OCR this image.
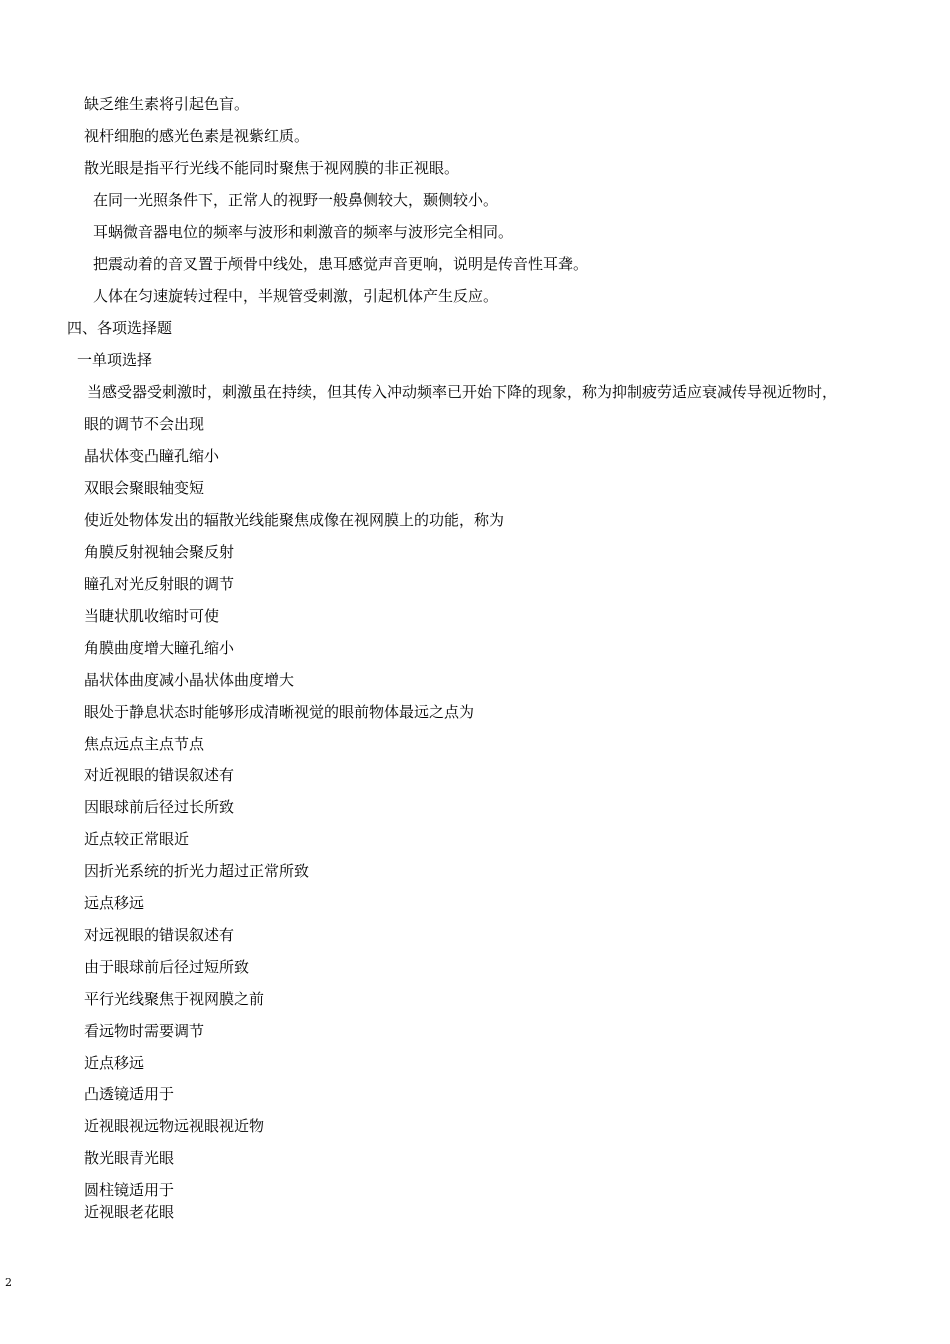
缺乏维生素将引起色盲。
视杆细胞的感光色素是视紫红质。
散光眼是指平行光线不能同时聚焦于视网膜的非正视眼。
在同一光照条件下，正常人的视野一般鼻侧较大，颞侧较小。
耳蜗微音器电位的频率与波形和刺激音的频率与波形完全相同。
把震动着的音叉置于颅骨中线处，患耳感觉声音更响，说明是传音性耳聋。
人体在匀速旋转过程中，半规管受刺激，引起机体产生反应。
四、各项选择题
一单项选择
当感受器受刺激时，刺激虽在持续，但其传入冲动频率已开始下降的现象，称为抑制疲劳适应衰减传导视近物时，
眼的调节不会出现
晶状体变凸瞳孔缩小
双眼会聚眼轴变短
使近处物体发出的辐散光线能聚焦成像在视网膜上的功能，称为
角膜反射视轴会聚反射
瞳孔对光反射眼的调节
当睫状肌收缩时可使
角膜曲度增大瞳孔缩小
晶状体曲度减小晶状体曲度增大
眼处于静息状态时能够形成清晰视觉的眼前物体最远之点为
焦点远点主点节点
对近视眼的错误叙述有
因眼球前后径过长所致
近点较正常眼近
因折光系统的折光力超过正常所致
远点移远
对远视眼的错误叙述有
由于眼球前后径过短所致
平行光线聚焦于视网膜之前
看远物时需要调节
近点移远
凸透镜适用于
近视眼视远物远视眼视近物
散光眼青光眼
圆柱镜适用于
近视眼老花眼
2
